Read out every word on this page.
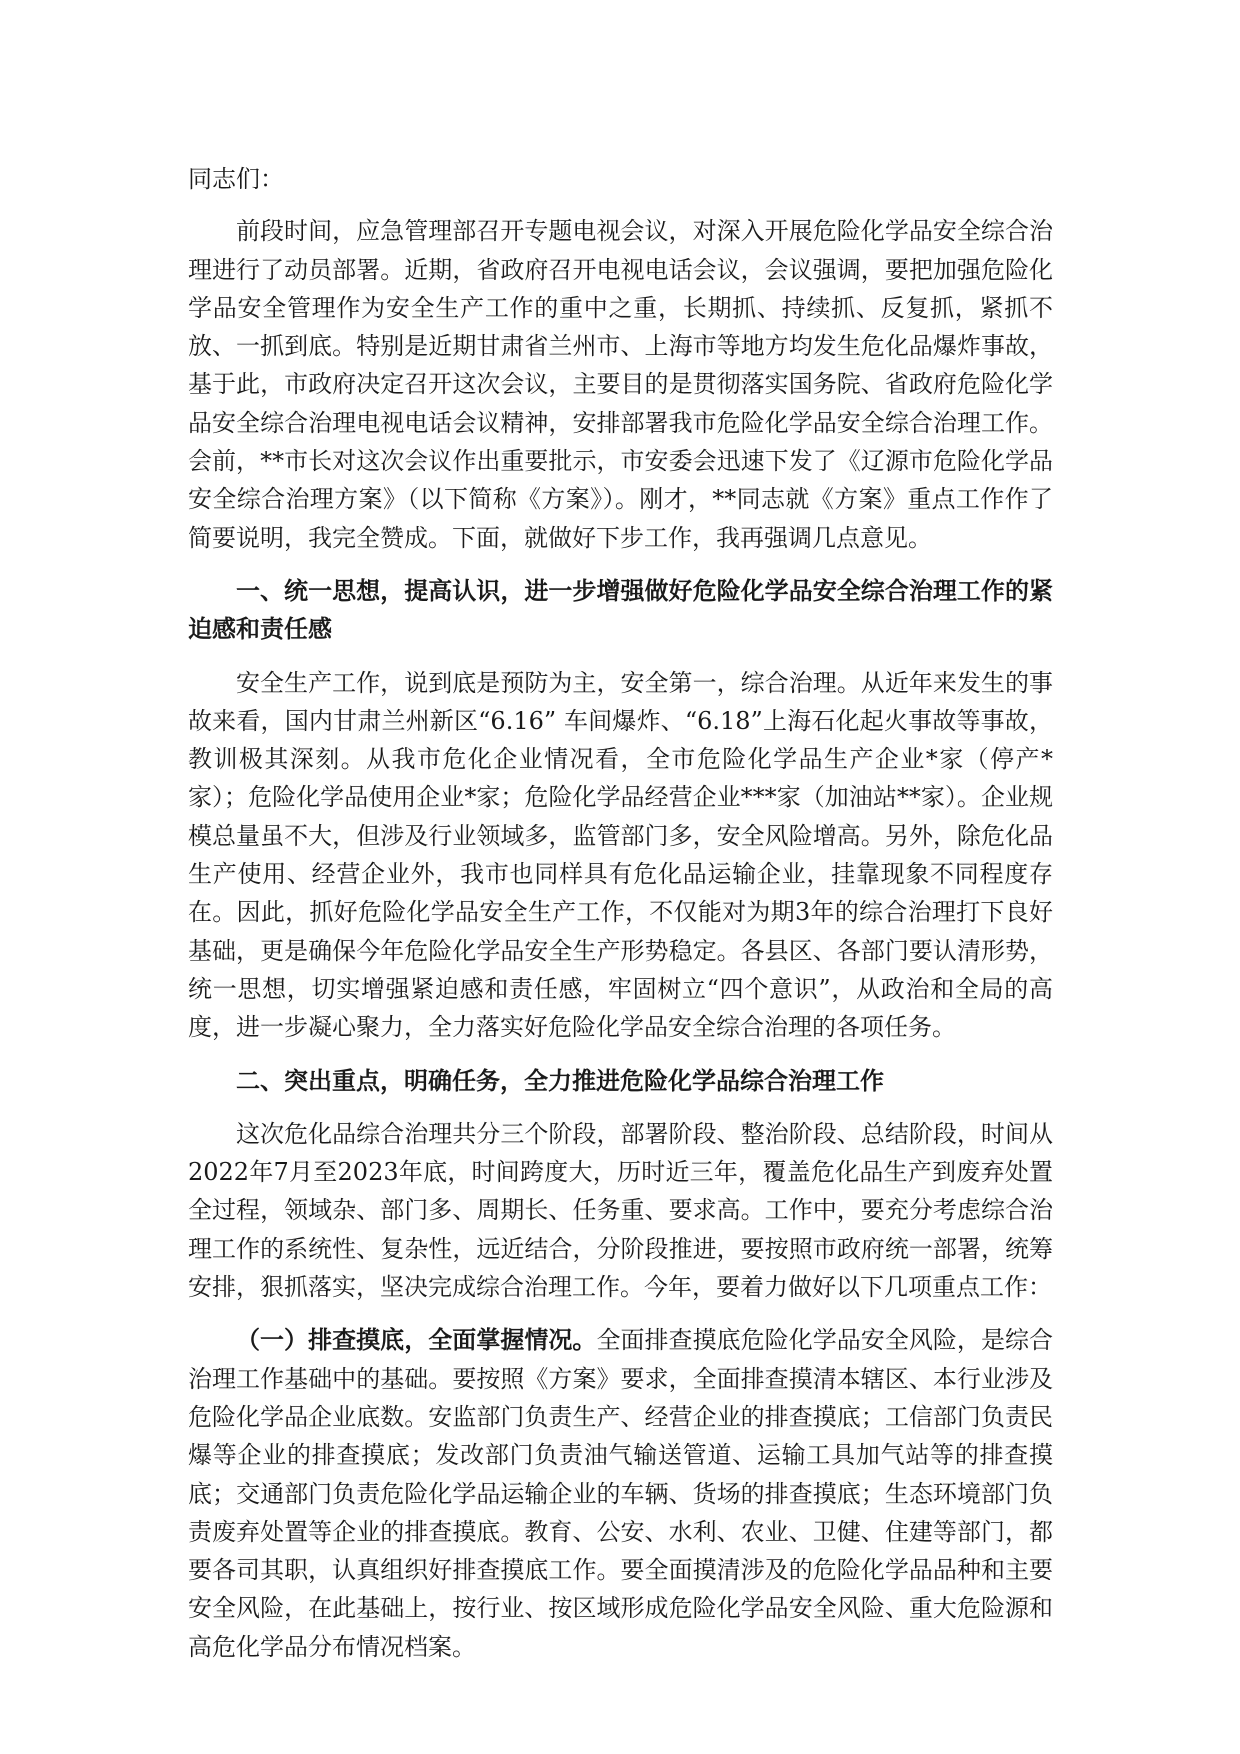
同志们：

前段时间，应急管理部召开专题电视会议，对深入开展危险化学品安全综合治理进行了动员部署。近期，省政府召开电视电话会议，会议强调，要把加强危险化学品安全管理作为安全生产工作的重中之重，长期抓、持续抓、反复抓，紧抓不放、一抓到底。特别是近期甘肃省兰州市、上海市等地方均发生危化品爆炸事故，基于此，市政府决定召开这次会议，主要目的是贯彻落实国务院、省政府危险化学品安全综合治理电视电话会议精神，安排部署我市危险化学品安全综合治理工作。会前，**市长对这次会议作出重要批示，市安委会迅速下发了《辽源市危险化学品安全综合治理方案》（以下简称《方案》）。刚才，**同志就《方案》重点工作作了简要说明，我完全赞成。下面，就做好下步工作，我再强调几点意见。

一、统一思想，提高认识，进一步增强做好危险化学品安全综合治理工作的紧迫感和责任感

安全生产工作，说到底是预防为主，安全第一，综合治理。从近年来发生的事故来看，国内甘肃兰州新区“6.16” 车间爆炸、“6.18”上海石化起火事故等事故，教训极其深刻。从我市危化企业情况看，全市危险化学品生产企业*家（停产*家）；危险化学品使用企业*家；危险化学品经营企业***家（加油站**家）。企业规模总量虽不大，但涉及行业领域多，监管部门多，安全风险增高。另外，除危化品生产使用、经营企业外，我市也同样具有危化品运输企业，挂靠现象不同程度存在。因此，抓好危险化学品安全生产工作，不仅能对为期3年的综合治理打下良好基础，更是确保今年危险化学品安全生产形势稳定。各县区、各部门要认清形势，统一思想，切实增强紧迫感和责任感，牢固树立“四个意识”，从政治和全局的高度，进一步凝心聚力，全力落实好危险化学品安全综合治理的各项任务。

二、突出重点，明确任务，全力推进危险化学品综合治理工作

这次危化品综合治理共分三个阶段，部署阶段、整治阶段、总结阶段，时间从2022年7月至2023年底，时间跨度大，历时近三年，覆盖危化品生产到废弃处置全过程，领域杂、部门多、周期长、任务重、要求高。工作中，要充分考虑综合治理工作的系统性、复杂性，远近结合，分阶段推进，要按照市政府统一部署，统筹安排，狠抓落实，坚决完成综合治理工作。今年，要着力做好以下几项重点工作：

（一）排查摸底，全面掌握情况。全面排查摸底危险化学品安全风险，是综合治理工作基础中的基础。要按照《方案》要求，全面排查摸清本辖区、本行业涉及危险化学品企业底数。安监部门负责生产、经营企业的排查摸底；工信部门负责民爆等企业的排查摸底；发改部门负责油气输送管道、运输工具加气站等的排查摸底；交通部门负责危险化学品运输企业的车辆、货场的排查摸底；生态环境部门负责废弃处置等企业的排查摸底。教育、公安、水利、农业、卫健、住建等部门，都要各司其职，认真组织好排查摸底工作。要全面摸清涉及的危险化学品品种和主要安全风险，在此基础上，按行业、按区域形成危险化学品安全风险、重大危险源和高危化学品分布情况档案。
